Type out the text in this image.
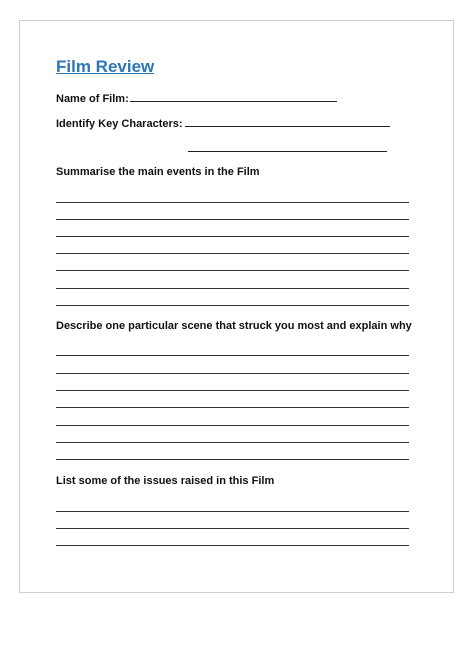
Film Review
Name of Film:
Identify Key Characters:
Summarise the main events in the Film
Describe one particular scene that struck you most and explain why
List some of the issues raised in this Film
